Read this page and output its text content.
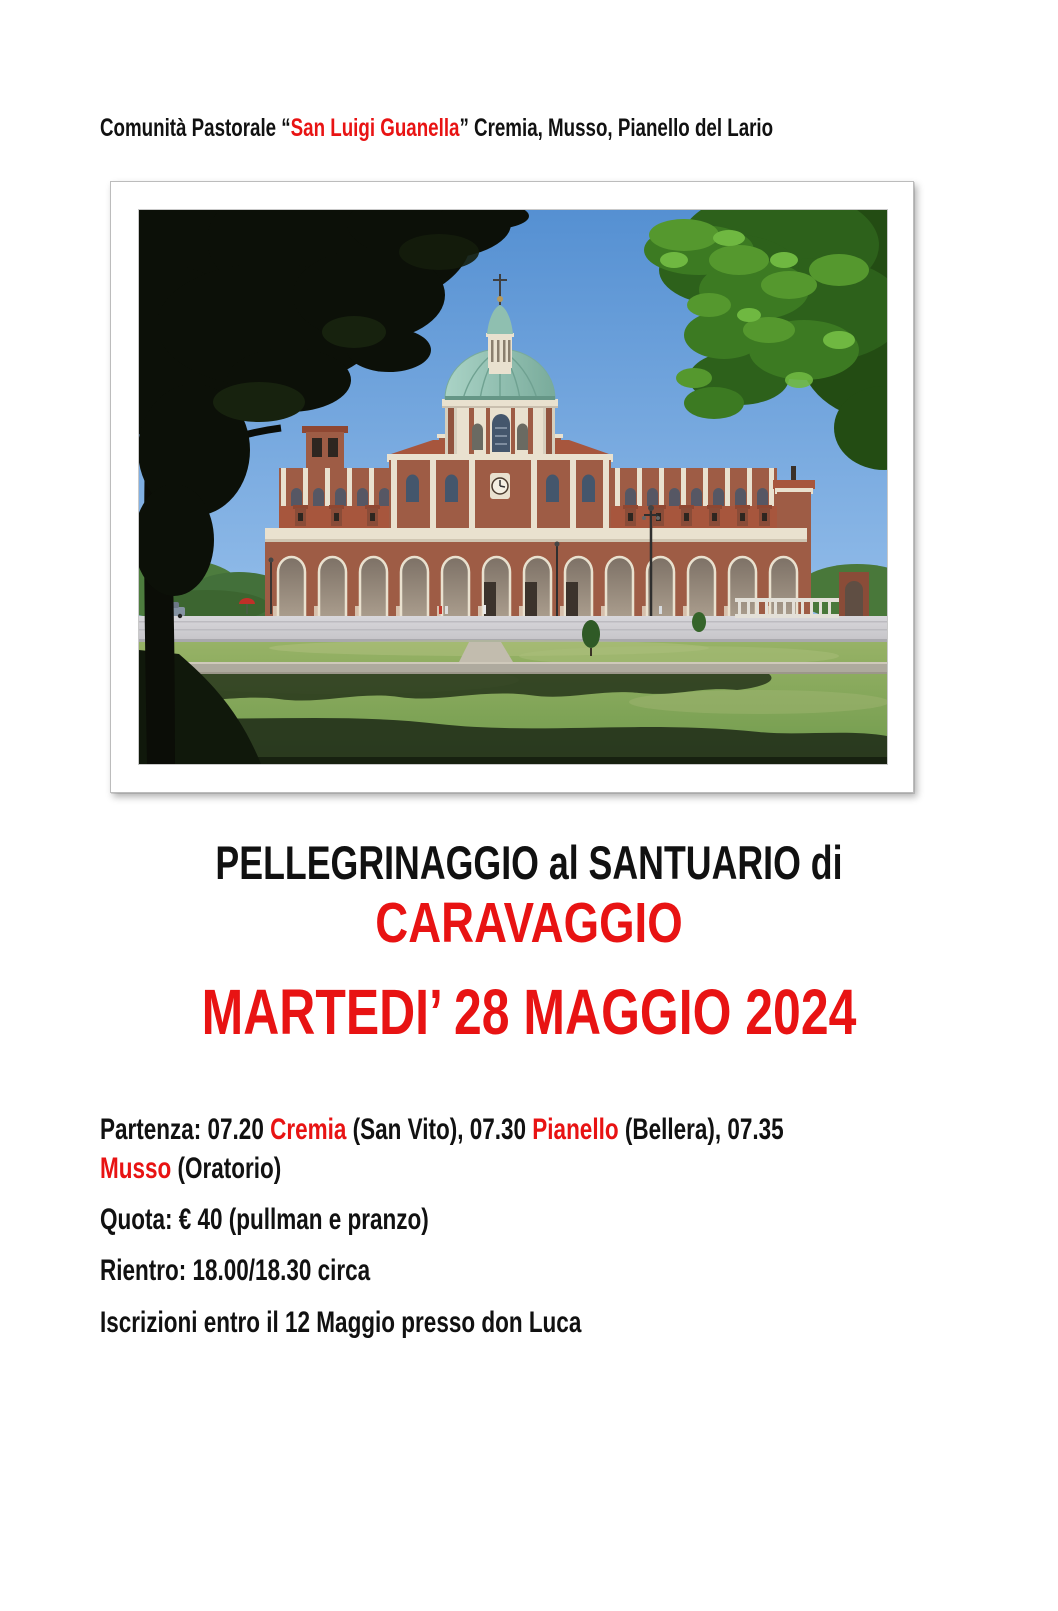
Comunità Pastorale “San Luigi Guanella” Cremia, Musso, Pianello del Lario
PELLEGRINAGGIO al SANTUARIO di
CARAVAGGIO
MARTEDI’ 28 MAGGIO 2024

Partenza: 07.20 Cremia (San Vito), 07.30 Pianello (Bellera), 07.35

Musso (Oratorio)

Quota: € 40 (pullman e pranzo)

Rientro: 18.00/18.30 circa

Iscrizioni entro il 12 Maggio presso don Luca
